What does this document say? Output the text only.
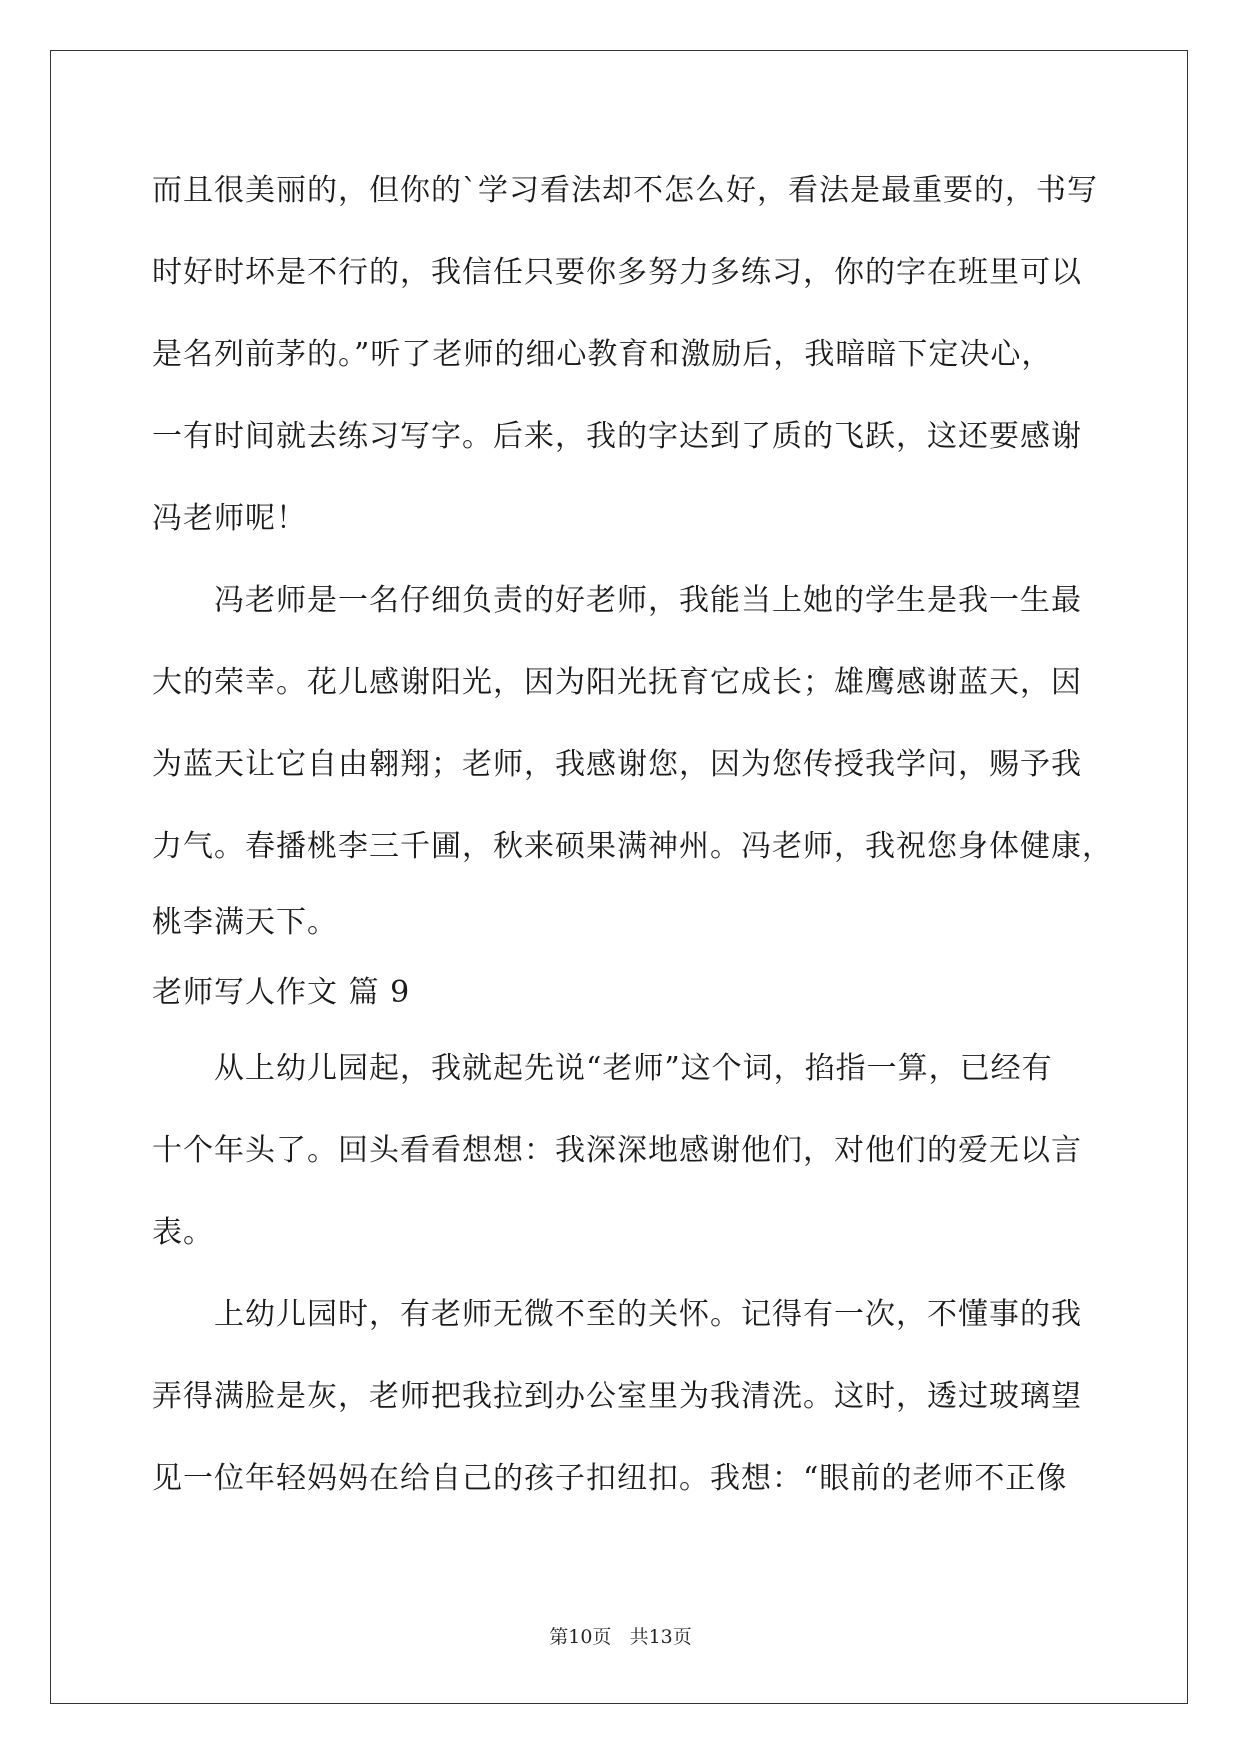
而且很美丽的，但你的`学习看法却不怎么好，看法是最重要的，书写
时好时坏是不行的，我信任只要你多努力多练习，你的字在班里可以
是名列前茅的。”听了老师的细心教育和激励后，我暗暗下定决心，
一有时间就去练习写字。后来，我的字达到了质的飞跃，这还要感谢
冯老师呢！
　　冯老师是一名仔细负责的好老师，我能当上她的学生是我一生最
大的荣幸。花儿感谢阳光，因为阳光抚育它成长；雄鹰感谢蓝天，因
为蓝天让它自由翱翔；老师，我感谢您，因为您传授我学问，赐予我
力气。春播桃李三千圃，秋来硕果满神州。冯老师，我祝您身体健康，
桃李满天下。
老师写人作文 篇 9
　　从上幼儿园起，我就起先说“老师”这个词，掐指一算，已经有
十个年头了。回头看看想想：我深深地感谢他们，对他们的爱无以言
表。
　　上幼儿园时，有老师无微不至的关怀。记得有一次，不懂事的我
弄得满脸是灰，老师把我拉到办公室里为我清洗。这时，透过玻璃望
见一位年轻妈妈在给自己的孩子扣纽扣。我想：“眼前的老师不正像
第10页 共13页
